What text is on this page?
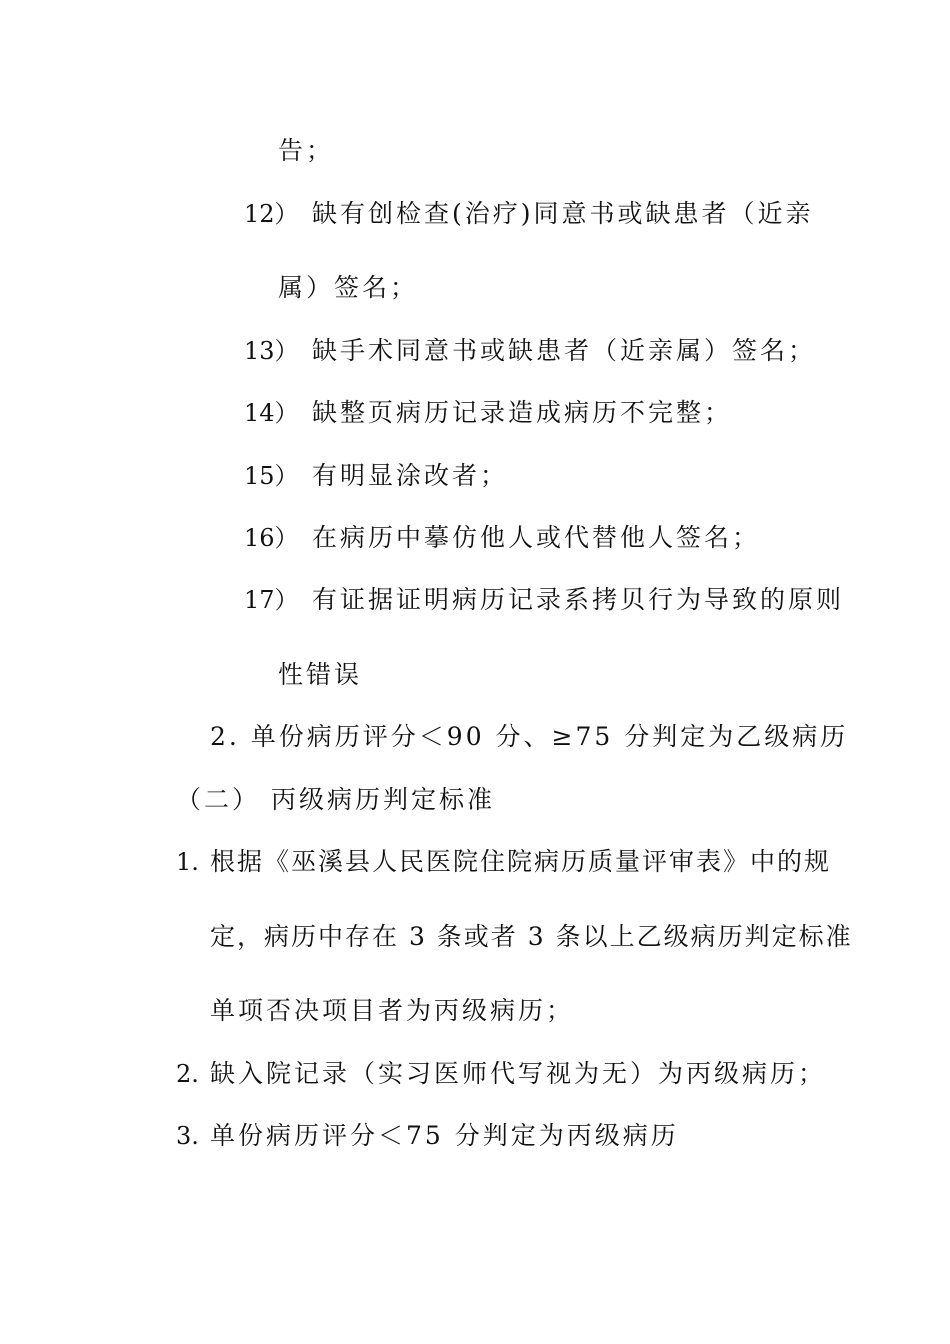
告；
12） 缺有创检查(治疗)同意书或缺患者（近亲
属）签名；
13） 缺手术同意书或缺患者（近亲属）签名；
14） 缺整页病历记录造成病历不完整；
15） 有明显涂改者；
16） 在病历中摹仿他人或代替他人签名；
17） 有证据证明病历记录系拷贝行为导致的原则
性错误
2. 单份病历评分＜90 分、≥75 分判定为乙级病历
（二） 丙级病历判定标准
1. 根据《巫溪县人民医院住院病历质量评审表》中的规
定，病历中存在 3 条或者 3 条以上乙级病历判定标准
单项否决项目者为丙级病历；
2. 缺入院记录（实习医师代写视为无）为丙级病历；
3. 单份病历评分＜75 分判定为丙级病历
